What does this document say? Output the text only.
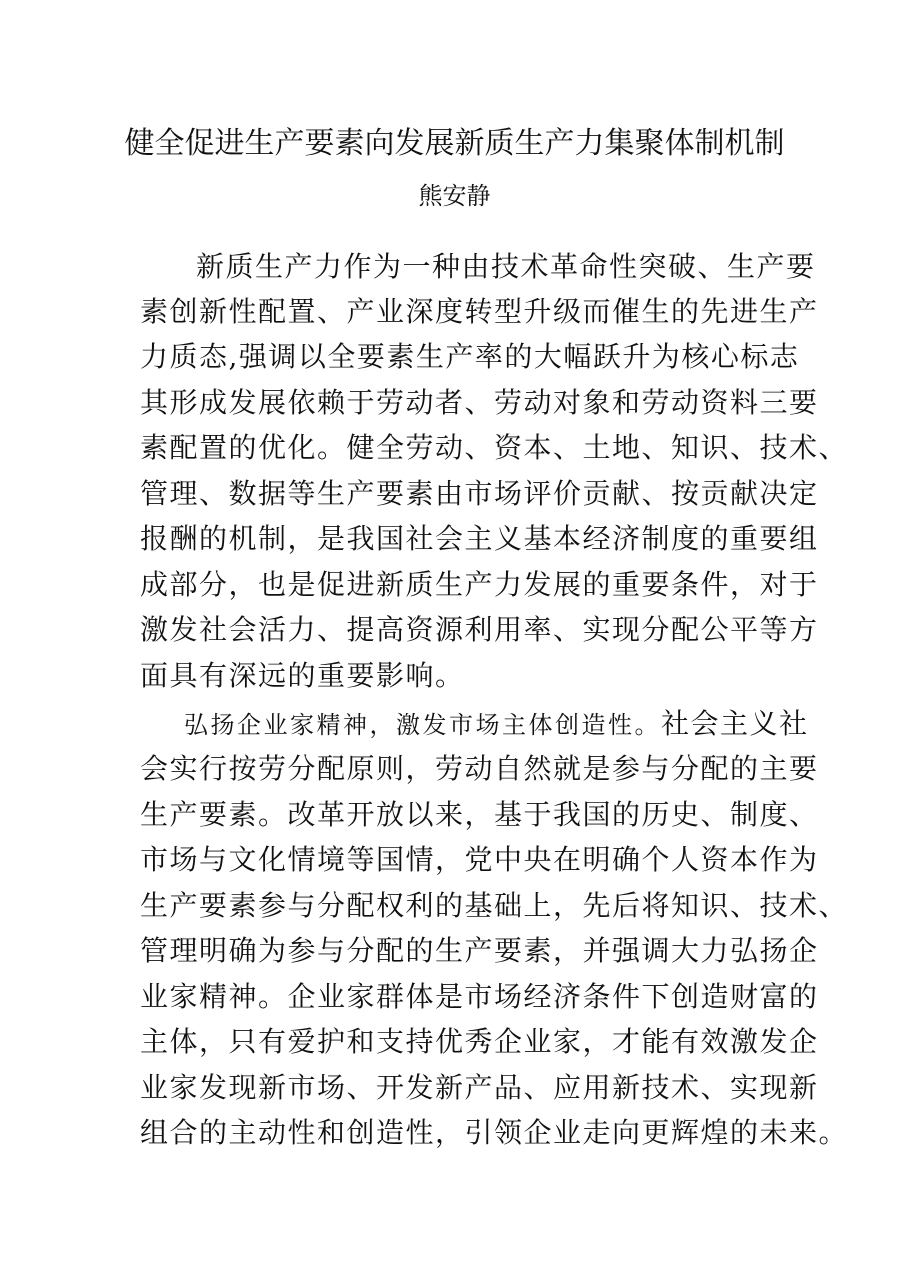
健全促进生产要素向发展新质生产力集聚体制机制
熊安静
新质生产力作为一种由技术革命性突破、生产要
素创新性配置、产业深度转型升级而催生的先进生产
力质态,强调以全要素生产率的大幅跃升为核心标志
其形成发展依赖于劳动者、劳动对象和劳动资料三要
素配置的优化。健全劳动、资本、土地、知识、技术、
管理、数据等生产要素由市场评价贡献、按贡献决定
报酬的机制，是我国社会主义基本经济制度的重要组
成部分，也是促进新质生产力发展的重要条件，对于
激发社会活力、提高资源利用率、实现分配公平等方
面具有深远的重要影响。
弘扬企业家精神，激发市场主体创造性。社会主义社
会实行按劳分配原则，劳动自然就是参与分配的主要
生产要素。改革开放以来，基于我国的历史、制度、
市场与文化情境等国情，党中央在明确个人资本作为
生产要素参与分配权利的基础上，先后将知识、技术、
管理明确为参与分配的生产要素，并强调大力弘扬企
业家精神。企业家群体是市场经济条件下创造财富的
主体，只有爱护和支持优秀企业家，才能有效激发企
业家发现新市场、开发新产品、应用新技术、实现新
组合的主动性和创造性，引领企业走向更辉煌的未来。
